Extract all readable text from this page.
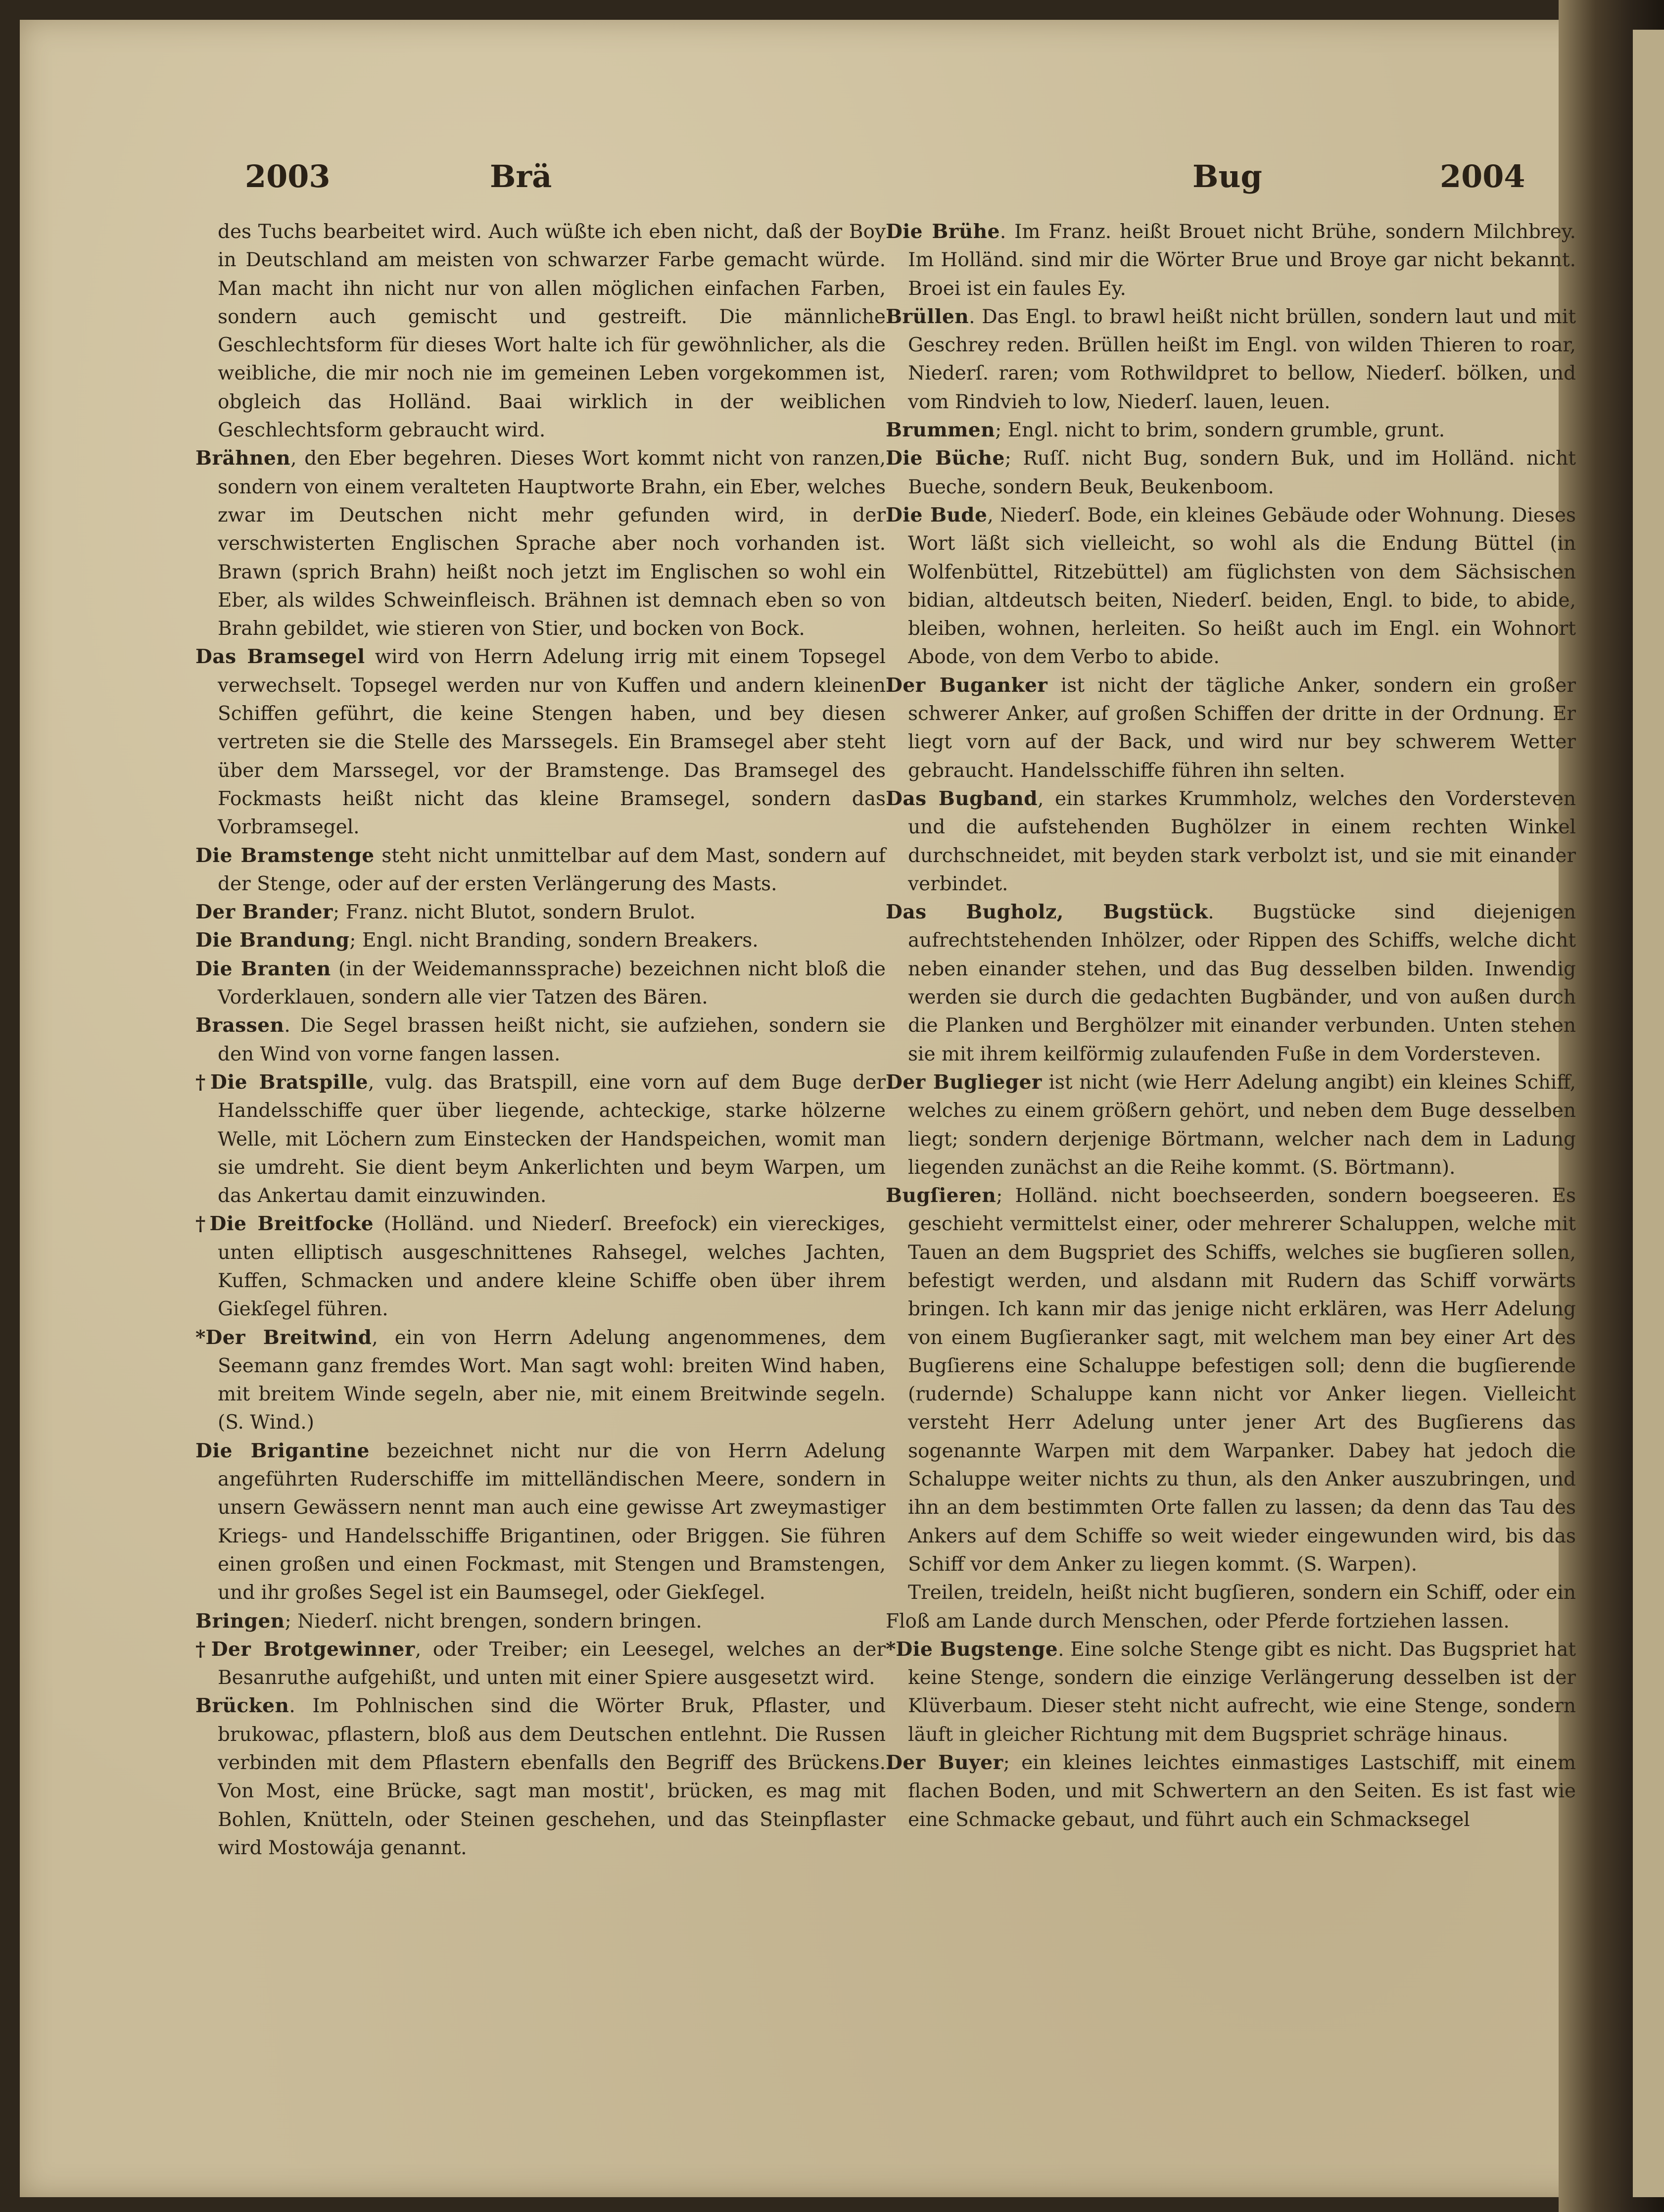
2003	Brä	Bug	2004

des Tuchs bearbeitet wird. Auch wüßte ich eben nicht, daß der Boy in Deutschland am meisten von schwarzer Farbe gemacht würde. Man macht ihn nicht nur von allen möglichen einfachen Farben, sondern auch gemischt und gestreift. Die männliche Geschlechtsform für dieses Wort halte ich für gewöhnlicher, als die weibliche, die mir noch nie im gemeinen Leben vorgekommen ist, obgleich das Holländ. Baai wirklich in der weiblichen Geschlechtsform gebraucht wird.

Brähnen, den Eber begehren. Dieses Wort kommt nicht von ranzen, sondern von einem veralteten Hauptworte Brahn, ein Eber, welches zwar im Deutschen nicht mehr gefunden wird, in der verschwisterten Englischen Sprache aber noch vorhanden ist. Brawn (sprich Brahn) heißt noch jetzt im Englischen so wohl ein Eber, als wildes Schweinfleisch. Brähnen ist demnach eben so von Brahn gebildet, wie stieren von Stier, und bocken von Bock.

Das Bramsegel wird von Herrn Adelung irrig mit einem Topsegel verwechselt. Topsegel werden nur von Kuffen und andern kleinen Schiffen geführt, die keine Stengen haben, und bey diesen vertreten sie die Stelle des Marssegels. Ein Bramsegel aber steht über dem Marssegel, vor der Bramstenge. Das Bramsegel des Fockmasts heißt nicht das kleine Bramsegel, sondern das Vorbramsegel.

Die Bramstenge steht nicht unmittelbar auf dem Mast, sondern auf der Stenge, oder auf der ersten Verlängerung des Masts.

Der Brander; Franz. nicht Blutot, sondern Brulot.

Die Brandung; Engl. nicht Branding, sondern Breakers.

Die Branten (in der Weidemannssprache) bezeichnen nicht bloß die Vorderklauen, sondern alle vier Tatzen des Bären.

Brassen. Die Segel brassen heißt nicht, sie aufziehen, sondern sie den Wind von vorne fangen lassen.

†Die Bratspille, vulg. das Bratspill, eine vorn auf dem Buge der Handelsschiffe quer über liegende, achteckige, starke hölzerne Welle, mit Löchern zum Einstecken der Handspeichen, womit man sie umdreht. Sie dient beym Ankerlichten und beym Warpen, um das Ankertau damit einzuwinden.

†Die Breitfocke (Holländ. und Niederſ. Breefock) ein viereckiges, unten elliptisch ausgeschnittenes Rahsegel, welches Jachten, Kuffen, Schmacken und andere kleine Schiffe oben über ihrem Giekſegel führen.

*Der Breitwind, ein von Herrn Adelung angenommenes, dem Seemann ganz fremdes Wort. Man sagt wohl: breiten Wind haben, mit breitem Winde segeln, aber nie, mit einem Breitwinde segeln. (S. Wind.)

Die Brigantine bezeichnet nicht nur die von Herrn Adelung angeführten Ruderschiffe im mittelländischen Meere, sondern in unsern Gewässern nennt man auch eine gewisse Art zweymastiger Kriegs- und Handelsschiffe Brigantinen, oder Briggen. Sie führen einen großen und einen Fockmast, mit Stengen und Bramstengen, und ihr großes Segel ist ein Baumsegel, oder Giekſegel.

Bringen; Niederſ. nicht brengen, sondern bringen.

†Der Brotgewinner, oder Treiber; ein Leesegel, welches an der Besanruthe aufgehißt, und unten mit einer Spiere ausgesetzt wird.

Brücken. Im Pohlnischen sind die Wörter Bruk, Pflaster, und brukowac, pflastern, bloß aus dem Deutschen entlehnt. Die Russen verbinden mit dem Pflastern ebenfalls den Begriff des Brückens. Von Most, eine Brücke, sagt man mostit', brücken, es mag mit Bohlen, Knütteln, oder Steinen geschehen, und das Steinpflaster wird Mostowája genannt.

Die Brühe. Im Franz. heißt Brouet nicht Brühe, sondern Milchbrey. Im Holländ. sind mir die Wörter Brue und Broye gar nicht bekannt. Broei ist ein faules Ey.

Brüllen. Das Engl. to brawl heißt nicht brüllen, sondern laut und mit Geschrey reden. Brüllen heißt im Engl. von wilden Thieren to roar, Niederſ. raren; vom Rothwildpret to bellow, Niederſ. bölken, und vom Rindvieh to low, Niederſ. lauen, leuen.

Brummen; Engl. nicht to brim, sondern grumble, grunt.

Die Büche; Ruſſ. nicht Bug, sondern Buk, und im Holländ. nicht Bueche, sondern Beuk, Beukenboom.

Die Bude, Niederſ. Bode, ein kleines Gebäude oder Wohnung. Dieses Wort läßt sich vielleicht, so wohl als die Endung Büttel (in Wolfenbüttel, Ritzebüttel) am füglichsten von dem Sächsischen bidian, altdeutsch beiten, Niederſ. beiden, Engl. to bide, to abide, bleiben, wohnen, herleiten. So heißt auch im Engl. ein Wohnort Abode, von dem Verbo to abide.

Der Buganker ist nicht der tägliche Anker, sondern ein großer schwerer Anker, auf großen Schiffen der dritte in der Ordnung. Er liegt vorn auf der Back, und wird nur bey schwerem Wetter gebraucht. Handelsschiffe führen ihn selten.

Das Bugband, ein starkes Krummholz, welches den Vordersteven und die aufstehenden Bughölzer in einem rechten Winkel durchschneidet, mit beyden stark verbolzt ist, und sie mit einander verbindet.

Das Bugholz, Bugstück. Bugstücke sind diejenigen aufrechtstehenden Inhölzer, oder Rippen des Schiffs, welche dicht neben einander stehen, und das Bug desselben bilden. Inwendig werden sie durch die gedachten Bugbänder, und von außen durch die Planken und Berghölzer mit einander verbunden. Unten stehen sie mit ihrem keilförmig zulaufenden Fuße in dem Vordersteven.

Der Buglieger ist nicht (wie Herr Adelung angibt) ein kleines Schiff, welches zu einem größern gehört, und neben dem Buge desselben liegt; sondern derjenige Börtmann, welcher nach dem in Ladung liegenden zunächst an die Reihe kommt. (S. Börtmann).

Bugſieren; Holländ. nicht boechseerden, sondern boegseeren. Es geschieht vermittelst einer, oder mehrerer Schaluppen, welche mit Tauen an dem Bugspriet des Schiffs, welches sie bugſieren sollen, befestigt werden, und alsdann mit Rudern das Schiff vorwärts bringen. Ich kann mir das jenige nicht erklären, was Herr Adelung von einem Bugſieranker sagt, mit welchem man bey einer Art des Bugſierens eine Schaluppe befestigen soll; denn die bugſierende (rudernde) Schaluppe kann nicht vor Anker liegen. Vielleicht versteht Herr Adelung unter jener Art des Bugſierens das sogenannte Warpen mit dem Warpanker. Dabey hat jedoch die Schaluppe weiter nichts zu thun, als den Anker auszubringen, und ihn an dem bestimmten Orte fallen zu lassen; da denn das Tau des Ankers auf dem Schiffe so weit wieder eingewunden wird, bis das Schiff vor dem Anker zu liegen kommt. (S. Warpen).

Treilen, treideln, heißt nicht bugſieren, sondern ein Schiff, oder ein Floß am Lande durch Menschen, oder Pferde fortziehen lassen.

*Die Bugstenge. Eine solche Stenge gibt es nicht. Das Bugspriet hat keine Stenge, sondern die einzige Verlängerung desselben ist der Klüverbaum. Dieser steht nicht aufrecht, wie eine Stenge, sondern läuft in gleicher Richtung mit dem Bugspriet schräge hinaus.

Der Buyer; ein kleines leichtes einmastiges Lastschiff, mit einem flachen Boden, und mit Schwertern an den Seiten. Es ist fast wie eine Schmacke gebaut, und führt auch ein Schmacksegel
